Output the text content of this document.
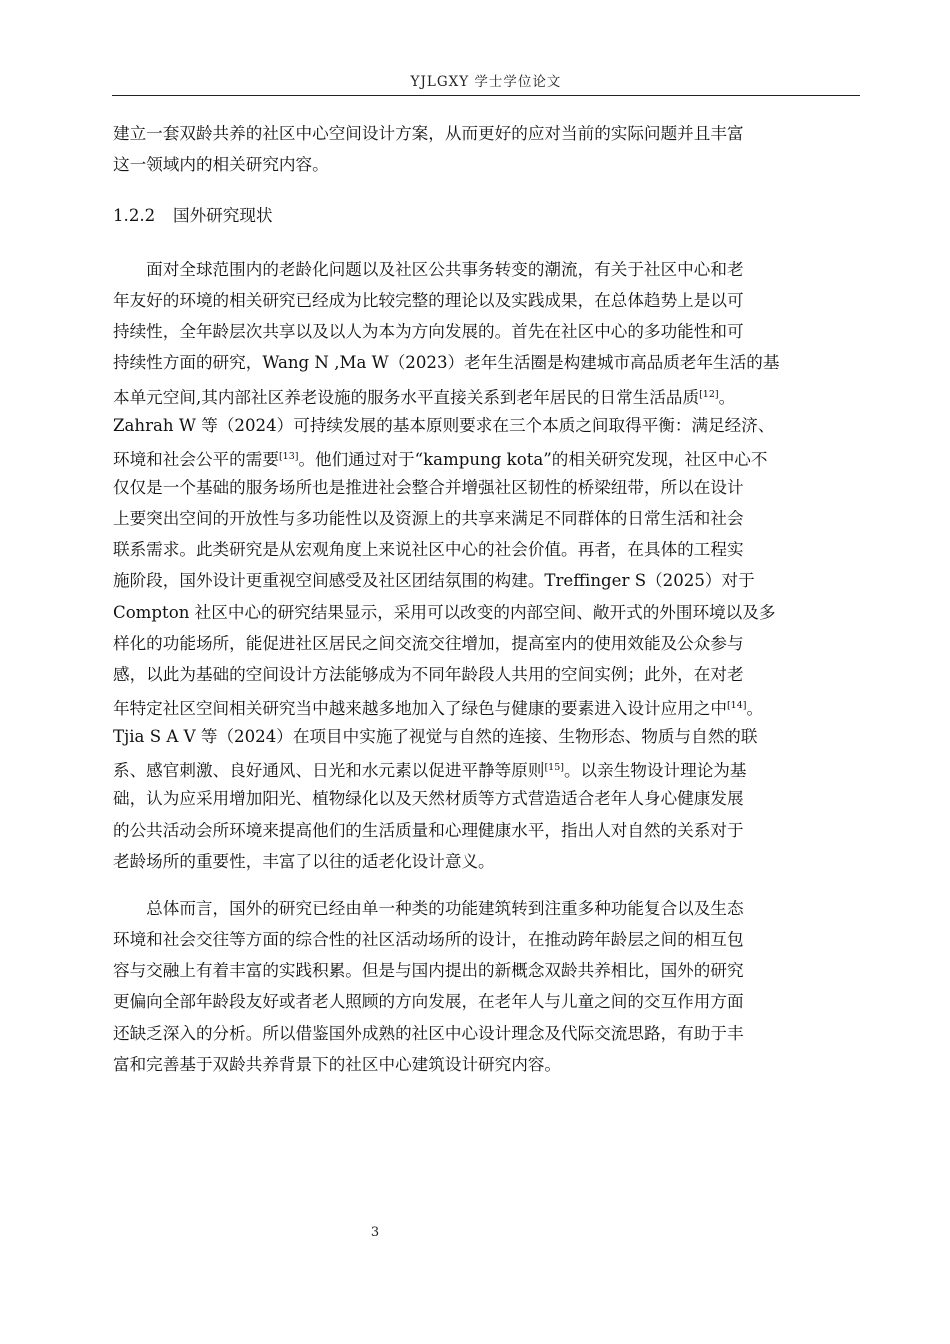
YJLGXY 学士学位论文
建立一套双龄共养的社区中心空间设计方案，从而更好的应对当前的实际问题并且丰富
这一领域内的相关研究内容。
1.2.2 国外研究现状
　　面对全球范围内的老龄化问题以及社区公共事务转变的潮流，有关于社区中心和老
年友好的环境的相关研究已经成为比较完整的理论以及实践成果，在总体趋势上是以可
持续性，全年龄层次共享以及以人为本为方向发展的。首先在社区中心的多功能性和可
持续性方面的研究，Wang N ,Ma W（2023）老年生活圈是构建城市高品质老年生活的基
本单元空间,其内部社区养老设施的服务水平直接关系到老年居民的日常生活品质[12]。
Zahrah W 等（2024）可持续发展的基本原则要求在三个本质之间取得平衡：满足经济、
环境和社会公平的需要[13]。他们通过对于“kampung kota”的相关研究发现，社区中心不
仅仅是一个基础的服务场所也是推进社会整合并增强社区韧性的桥梁纽带，所以在设计
上要突出空间的开放性与多功能性以及资源上的共享来满足不同群体的日常生活和社会
联系需求。此类研究是从宏观角度上来说社区中心的社会价值。再者，在具体的工程实
施阶段，国外设计更重视空间感受及社区团结氛围的构建。Treffinger S（2025）对于
Compton 社区中心的研究结果显示，采用可以改变的内部空间、敞开式的外围环境以及多
样化的功能场所，能促进社区居民之间交流交往增加，提高室内的使用效能及公众参与
感，以此为基础的空间设计方法能够成为不同年龄段人共用的空间实例；此外，在对老
年特定社区空间相关研究当中越来越多地加入了绿色与健康的要素进入设计应用之中[14]。
Tjia S A V 等（2024）在项目中实施了视觉与自然的连接、生物形态、物质与自然的联
系、感官刺激、良好通风、日光和水元素以促进平静等原则[15]。以亲生物设计理论为基
础，认为应采用增加阳光、植物绿化以及天然材质等方式营造适合老年人身心健康发展
的公共活动会所环境来提高他们的生活质量和心理健康水平，指出人对自然的关系对于
老龄场所的重要性，丰富了以往的适老化设计意义。
　　总体而言，国外的研究已经由单一种类的功能建筑转到注重多种功能复合以及生态
环境和社会交往等方面的综合性的社区活动场所的设计，在推动跨年龄层之间的相互包
容与交融上有着丰富的实践积累。但是与国内提出的新概念双龄共养相比，国外的研究
更偏向全部年龄段友好或者老人照顾的方向发展，在老年人与儿童之间的交互作用方面
还缺乏深入的分析。所以借鉴国外成熟的社区中心设计理念及代际交流思路，有助于丰
富和完善基于双龄共养背景下的社区中心建筑设计研究内容。
3
